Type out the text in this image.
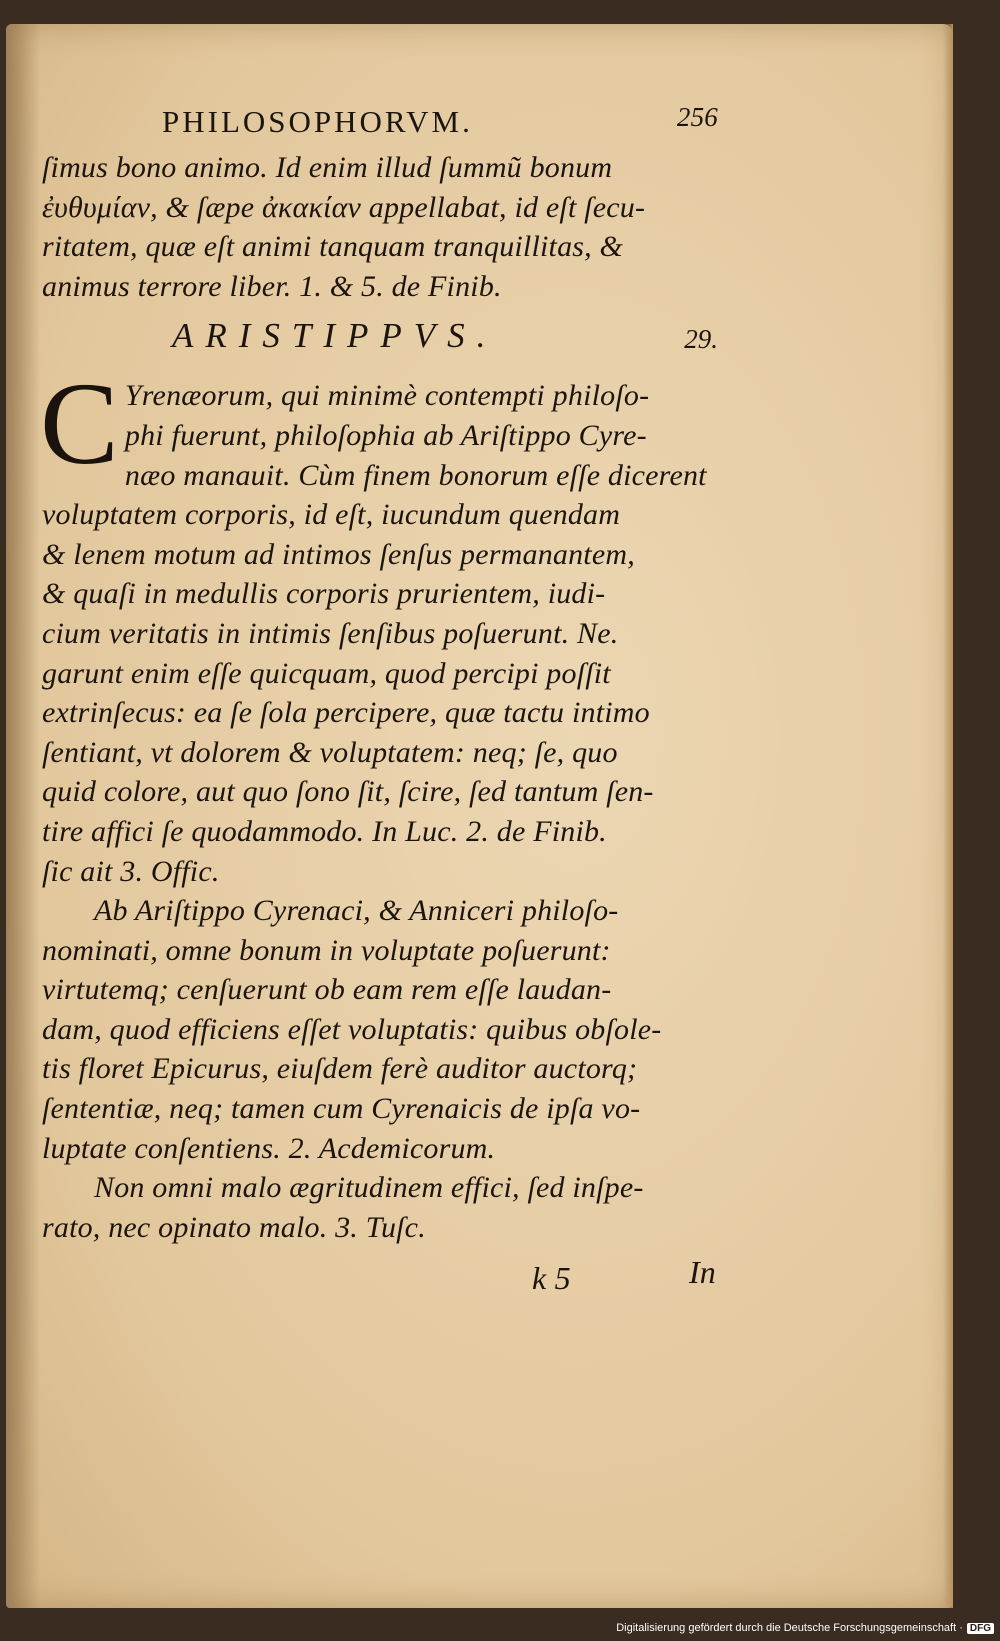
PHILOSOPHORVM.	256
ſimus bono animo. Id enim illud ſummũ bonum
ἐυθυμίαν, & ſæpe ἀκακίαν appellabat, id eſt ſecu-
ritatem, quæ eſt animi tanquam tranquillitas, &
animus terrore liber. 1. & 5. de Finib.
ARISTIPPVS.	29.
C Yrenæorum, qui minimè contempti philoſo-
phi fuerunt, philoſophia ab Ariſtippo Cyre-
næo manauit. Cùm finem bonorum eſſe dicerent
voluptatem corporis, id eſt, iucundum quendam
& lenem motum ad intimos ſenſus permanantem,
& quaſi in medullis corporis prurientem, iudi-
cium veritatis in intimis ſenſibus poſuerunt. Ne.
garunt enim eſſe quicquam, quod percipi poſſit
extrinſecus: ea ſe ſola percipere, quæ tactu intimo
ſentiant, vt dolorem & voluptatem: neq; ſe, quo
quid colore, aut quo ſono ſit, ſcire, ſed tantum ſen-
tire affici ſe quodammodo. In Luc. 2. de Finib.
ſic ait 3. Offic.
Ab Ariſtippo Cyrenaci, & Anniceri philoſo-
nominati, omne bonum in voluptate poſuerunt:
virtutemq; cenſuerunt ob eam rem eſſe laudan-
dam, quod efficiens eſſet voluptatis: quibus obſole-
tis floret Epicurus, eiuſdem ferè auditor auctorq;
ſententiæ, neq; tamen cum Cyrenaicis de ipſa vo-
luptate conſentiens. 2. Acdemicorum.
Non omni malo ægritudinem effici, ſed inſpe-
rato, nec opinato malo. 3. Tuſc.
k 5	In
Digitalisierung gefördert durch die Deutsche Forschungsgemeinschaft · DFG
